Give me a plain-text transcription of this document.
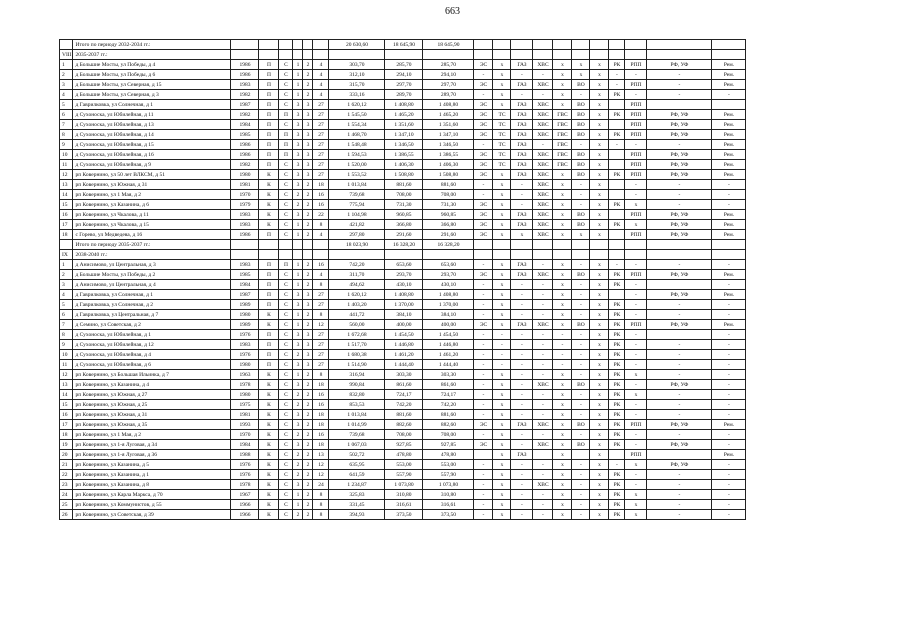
663
	Итого по периоду 2032-2034 гг.:							20 630,60	18 645,90	18 645,90											
VIII	2035-2037 гг.:																				
1	д Большие Мосты, ул Победы, д 4	1986	П	С	1	2	4	303,70	285,70	285,70	ЭС	х	ГАЗ	ХВС	х	х	х	РК	РПП	РФ, УФ	Рем.
2	д Большие Мосты, ул Победы, д 6	1986	П	С	1	2	4	312,10	294,10	294,10	-	х	-	-	х	х	х	-	-	-	Рем.
3	д Большие Мосты, ул Северная, д 15	1983	П	С	1	2	4	315,70	297,70	297,70	ЭС	х	ГАЗ	ХВС	х	ВО	х	-	РПП	-	Рем.
4	д Большие Мосты, ул Северная, д 3	1982	П	С	1	2	4	333,16	289,70	289,70	-	х	-	-	х	-	х	РК	-	-	-
5	д Гаврилковка, ул Солнечная, д 1	1987	П	С	3	3	27	1 620,12	1 408,80	1 408,80	ЭС	х	ГАЗ	ХВС	х	ВО	х		РПП		
6	д Сухоноска, ул Юбилейная, д 11	1982	П	П	3	3	27	1 545,50	1 465,20	1 465,20	ЭС	ТС	ГАЗ	ХВС	ГВС	ВО	х	РК	РПП	РФ, УФ	Рем.
7	д Сухоноска, ул Юбилейная, д 13	1984	П	С	3	3	27	1 554,34	1 351,60	1 351,60	ЭС	ТС	ГАЗ	ХВС	ГВС	ВО	х		РПП	РФ, УФ	Рем.
8	д Сухоноска, ул Юбилейная, д 14	1985	П	П	3	3	27	1 468,70	1 347,10	1 347,10	ЭС	ТС	ГАЗ	ХВС	ГВС	ВО	х	РК	РПП	РФ, УФ	Рем.
9	д Сухоноска, ул Юбилейная, д 15	1986	П	П	3	3	27	1 548,48	1 346,50	1 346,50	-	ТС	ГАЗ	-	ГВС	-	х	-	-	-	Рем.
10	д Сухоноска, ул Юбилейная, д 16	1986	П	П	3	3	27	1 594,53	1 386,55	1 386,55	ЭС	ТС	ГАЗ	ХВС	ГВС	ВО	х		РПП	РФ, УФ	Рем.
11	д Сухоноска, ул Юбилейная, д 9	1982	П	С	3	3	27	1 520,00	1 406,30	1 406,30	ЭС	ТС	ГАЗ	ХВС	ГВС	ВО	х		РПП	РФ, УФ	Рем.
12	рп Ковернино, ул 50 лет ВЛКСМ, д 51	1980	К	С	3	3	27	1 553,52	1 508,80	1 508,80	ЭС	х	ГАЗ	ХВС	х	ВО	х	РК	РПП	РФ, УФ	Рем.
13	рп Ковернино, ул Южная, д 31	1981	К	С	3	2	18	1 013,84	881,60	881,60	-	х	-	ХВС	х	-	х		-	-	-
14	рп Ковернино, ул 1 Мая, д 2	1970	К	С	2	2	16	739,68	708,00	708,00	-	х	-	ХВС	х	-	х		-	-	-
15	рп Ковернино, ул Казанина, д 6	1979	К	С	2	2	16	775,94	731,30	731,30	ЭС	х	-	ХВС	х	-	х	РК	х	-	-
16	рп Ковернино, ул Чкалова, д 11	1983	К	С	3	2	22	1 104,98	960,85	960,85	ЭС	х	ГАЗ	ХВС	х	ВО	х		РПП	РФ, УФ	Рем.
17	рп Ковернино, ул Чкалова, д 15	1983	К	С	1	2	8	421,82	366,80	366,80	ЭС	х	ГАЗ	ХВС	х	ВО	х	РК	х	РФ, УФ	Рем.
18	с Горево, ул Медведева, д 16	1986	П	С	1	2	4	297,80	291,60	291,60	ЭС	х	х	ХВС	х	х	х		РПП	РФ, УФ	Рем.
	Итого по периоду 2035-2037 гг.:							18 023,90	16 328,20	16 328,20											
IX	2038-2040 гг.:																				
1	д Анисимово, ул Центральная, д 3	1983	П	П	1	2	16	742,20	653,60	653,60	-	х	ГАЗ	-	х	-	х	-	-	-	-
2	д Большие Мосты, ул Победы, д 2	1985	П	С	1	2	4	311,70	293,70	293,70	ЭС	х	ГАЗ	ХВС	х	ВО	х	РК	РПП	РФ, УФ	Рем.
3	д Анисимово, ул Центральная, д 4	1984	П	С	1	2	8	494,62	430,10	430,10	-	х	-	-	х	-	х	РК	-		-
4	д Гаврилковка, ул Солнечная, д 1	1987	П	С	3	3	27	1 620,12	1 408,80	1 408,80	-	х	-	-	х	-	х		-	РФ, УФ	Рем.
5	д Гаврилковка, ул Солнечная, д 2	1989	П	С	3	3	27	1 403,20	1 370,00	1 370,00	-	х	-	-	х	-	х	РК	-	-	-
6	д Гаврилковка, ул Центральная, д 7	1980	К	С	1	2	8	441,72	384,10	384,10	-	х	-	-	х	-	х	РК	-	-	-
7	д Семино, ул Советская, д 2	1989	К	С	1	2	12	560,00	400,00	400,00	ЭС	х	ГАЗ	ХВС	х	ВО	х	РК	РПП	РФ, УФ	Рем.
8	д Сухоноска, ул Юбилейная, д 1	1976	П	С	3	3	27	1 672,68	1 454,50	1 454,50	-	-	-	-	-	-	х	РК	-		-
9	д Сухоноска, ул Юбилейная, д 12	1983	П	С	3	3	27	1 517,70	1 446,80	1 446,80	-	-	-	-	-	-	х	РК	-	-	-
10	д Сухоноска, ул Юбилейная, д 4	1976	П	С	2	3	27	1 680,38	1 461,20	1 461,20	-	-	-	-	-	-	х	РК	-	-	-
11	д Сухоноска, ул Юбилейная, д 6	1980	П	С	3	3	27	1 514,90	1 444,40	1 444,40	-	-	-	-	-	-	х	РК	-	-	-
12	рп Ковернино, ул Большая Ильинка, д 7	1963	К	С	1	2	8	316,94	303,30	303,30	-	х	-	-	х	-	х	РК	х	-	-
13	рп Ковернино, ул Казанина, д 4	1978	К	С	3	2	18	990,84	861,60	861,60	-	х	-	ХВС	х	ВО	х	РК	-	РФ, УФ	-
14	рп Ковернино, ул Южная, д 27	1980	К	С	2	2	16	832,80	724,17	724,17	-	х	-	-	х	-	х	РК	х	-	-
15	рп Ковернино, ул Южная, д 25	1975	К	С	2	2	16	853,53	742,20	742,20	-	х	-	-	х	-	х	РК	-	-	-
16	рп Ковернино, ул Южная, д 31	1981	К	С	3	2	18	1 013,84	881,60	881,60	-	х	-	-	х	-	х	РК	-	-	-
17	рп Ковернино, ул Южная, д 35	1993	К	С	3	2	18	1 014,99	882,60	882,60	ЭС	х	ГАЗ	ХВС	х	ВО	х	РК	РПП	РФ, УФ	Рем.
18	рп Ковернино, ул 1 Мая, д 2	1970	К	С	2	2	16	739,68	708,00	708,00	-	х	-	-	х	-	х	РК	-	-	-
19	рп Ковернино, ул 1-я Луговая, д 34	1984	К	С	3	2	18	1 067,03	927,85	927,85	ЭС	х	-	ХВС	х	ВО	х	РК	-	РФ, УФ	-
20	рп Ковернино, ул 1-я Луговая, д 36	1988	К	С	2	2	13	502,72	478,80	478,80		х	ГАЗ		х		х		РПП		Рем.
21	рп Ковернино, ул Казанина, д 5	1976	К	С	2	2	12	635,95	553,00	553,00	-	х	-	-	х	-	х	-	х	РФ, УФ	-
22	рп Ковернино, ул Казанина, д 1	1976	К	С	2	2	12	641,59	557,90	557,90	-	х	-	-	х	-	х	РК	-	-	-
23	рп Ковернино, ул Казанина, д 8	1978	К	С	3	2	24	1 234,87	1 073,80	1 073,80	-	х	-	ХВС	х	-	х	РК	-	-	-
24	рп Ковернино, ул Карла Маркса, д 70	1967	К	С	1	2	8	325,83	310,80	310,80	-	х	-	-	х	-	х	РК	х	-	-
25	рп Ковернино, ул Коммунистов, д 55	1966	К	С	1	2	8	331,45	316,61	316,61	-	х	-	-	х	-	х	РК	х	-	-
26	рп Ковернино, ул Советская, д 39	1966	К	С	2	2	8	394,93	373,50	373,50	-	х	-	-	х	-	х	РК	х	-	-
